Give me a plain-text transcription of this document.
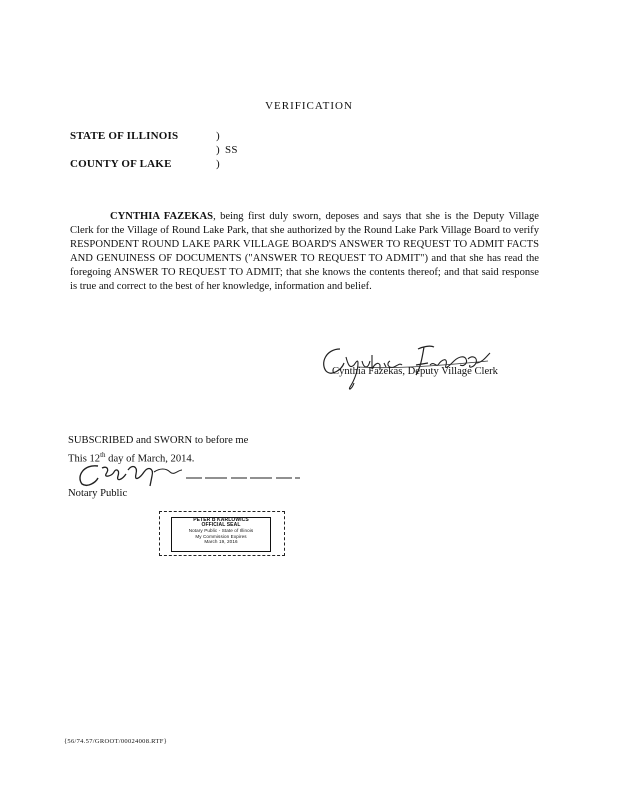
VERIFICATION
STATE OF ILLINOIS	)
) SS
COUNTY OF LAKE	)
CYNTHIA FAZEKAS, being first duly sworn, deposes and says that she is the Deputy Village Clerk for the Village of Round Lake Park, that she authorized by the Round Lake Park Village Board to verify RESPONDENT ROUND LAKE PARK VILLAGE BOARD'S ANSWER TO REQUEST TO ADMIT FACTS AND GENUINESS OF DOCUMENTS ("ANSWER TO REQUEST TO ADMIT") and that she has read the foregoing ANSWER TO REQUEST TO ADMIT; that she knows the contents thereof; and that said response is true and correct to the best of her knowledge, information and belief.
Cynthia Fazekas, Deputy Village Clerk
SUBSCRIBED and SWORN to before me
This 12th day of March, 2014.
Notary Public
PETER B KARLOWICS
OFFICIAL SEAL
Notary Public - State of Illinois
My Commission Expires
March 19, 2016
{56/74.57/GROOT/00024008.RTF}
